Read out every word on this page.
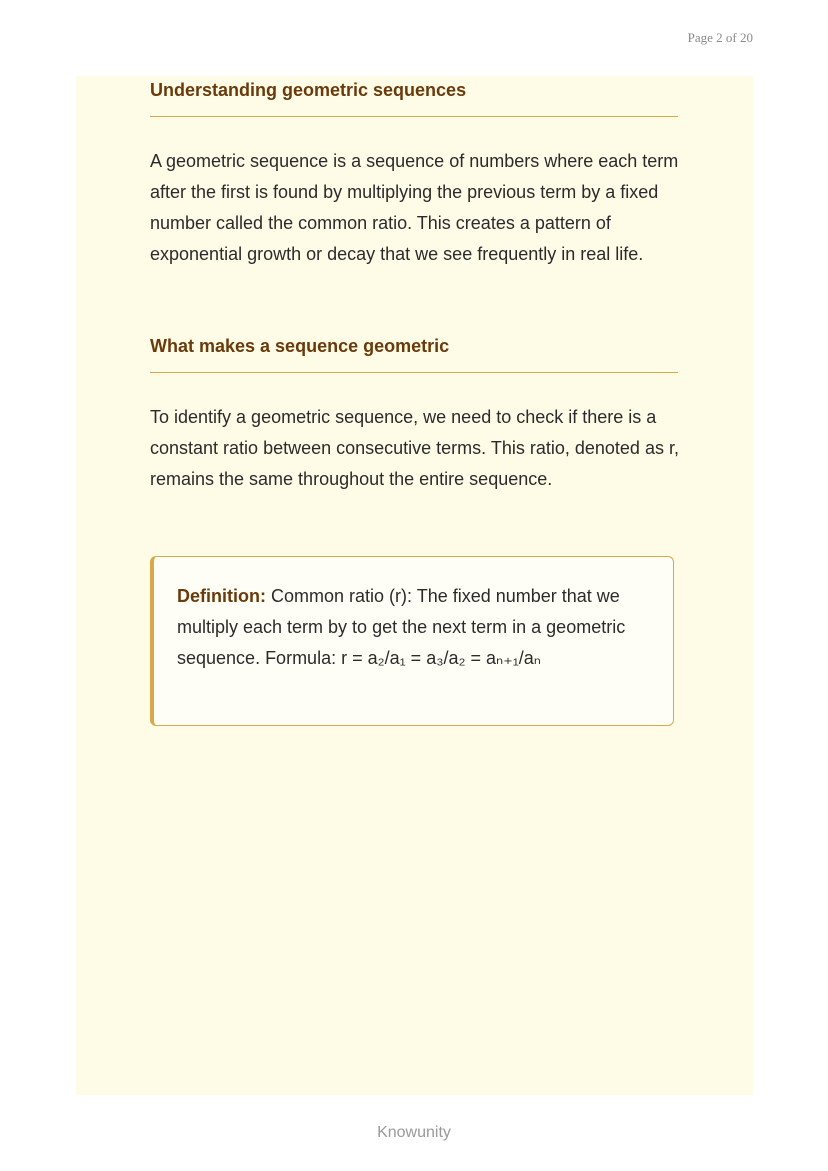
Page 2 of 20
Understanding geometric sequences

A geometric sequence is a sequence of numbers where each term after the first is found by multiplying the previous term by a fixed number called the common ratio. This creates a pattern of exponential growth or decay that we see frequently in real life.

What makes a sequence geometric

To identify a geometric sequence, we need to check if there is a constant ratio between consecutive terms. This ratio, denoted as r, remains the same throughout the entire sequence.

Definition: Common ratio (r): The fixed number that we multiply each term by to get the next term in a geometric sequence. Formula: r = a₂/a₁ = a₃/a₂ = aₙ₊₁/aₙ

Knowunity
